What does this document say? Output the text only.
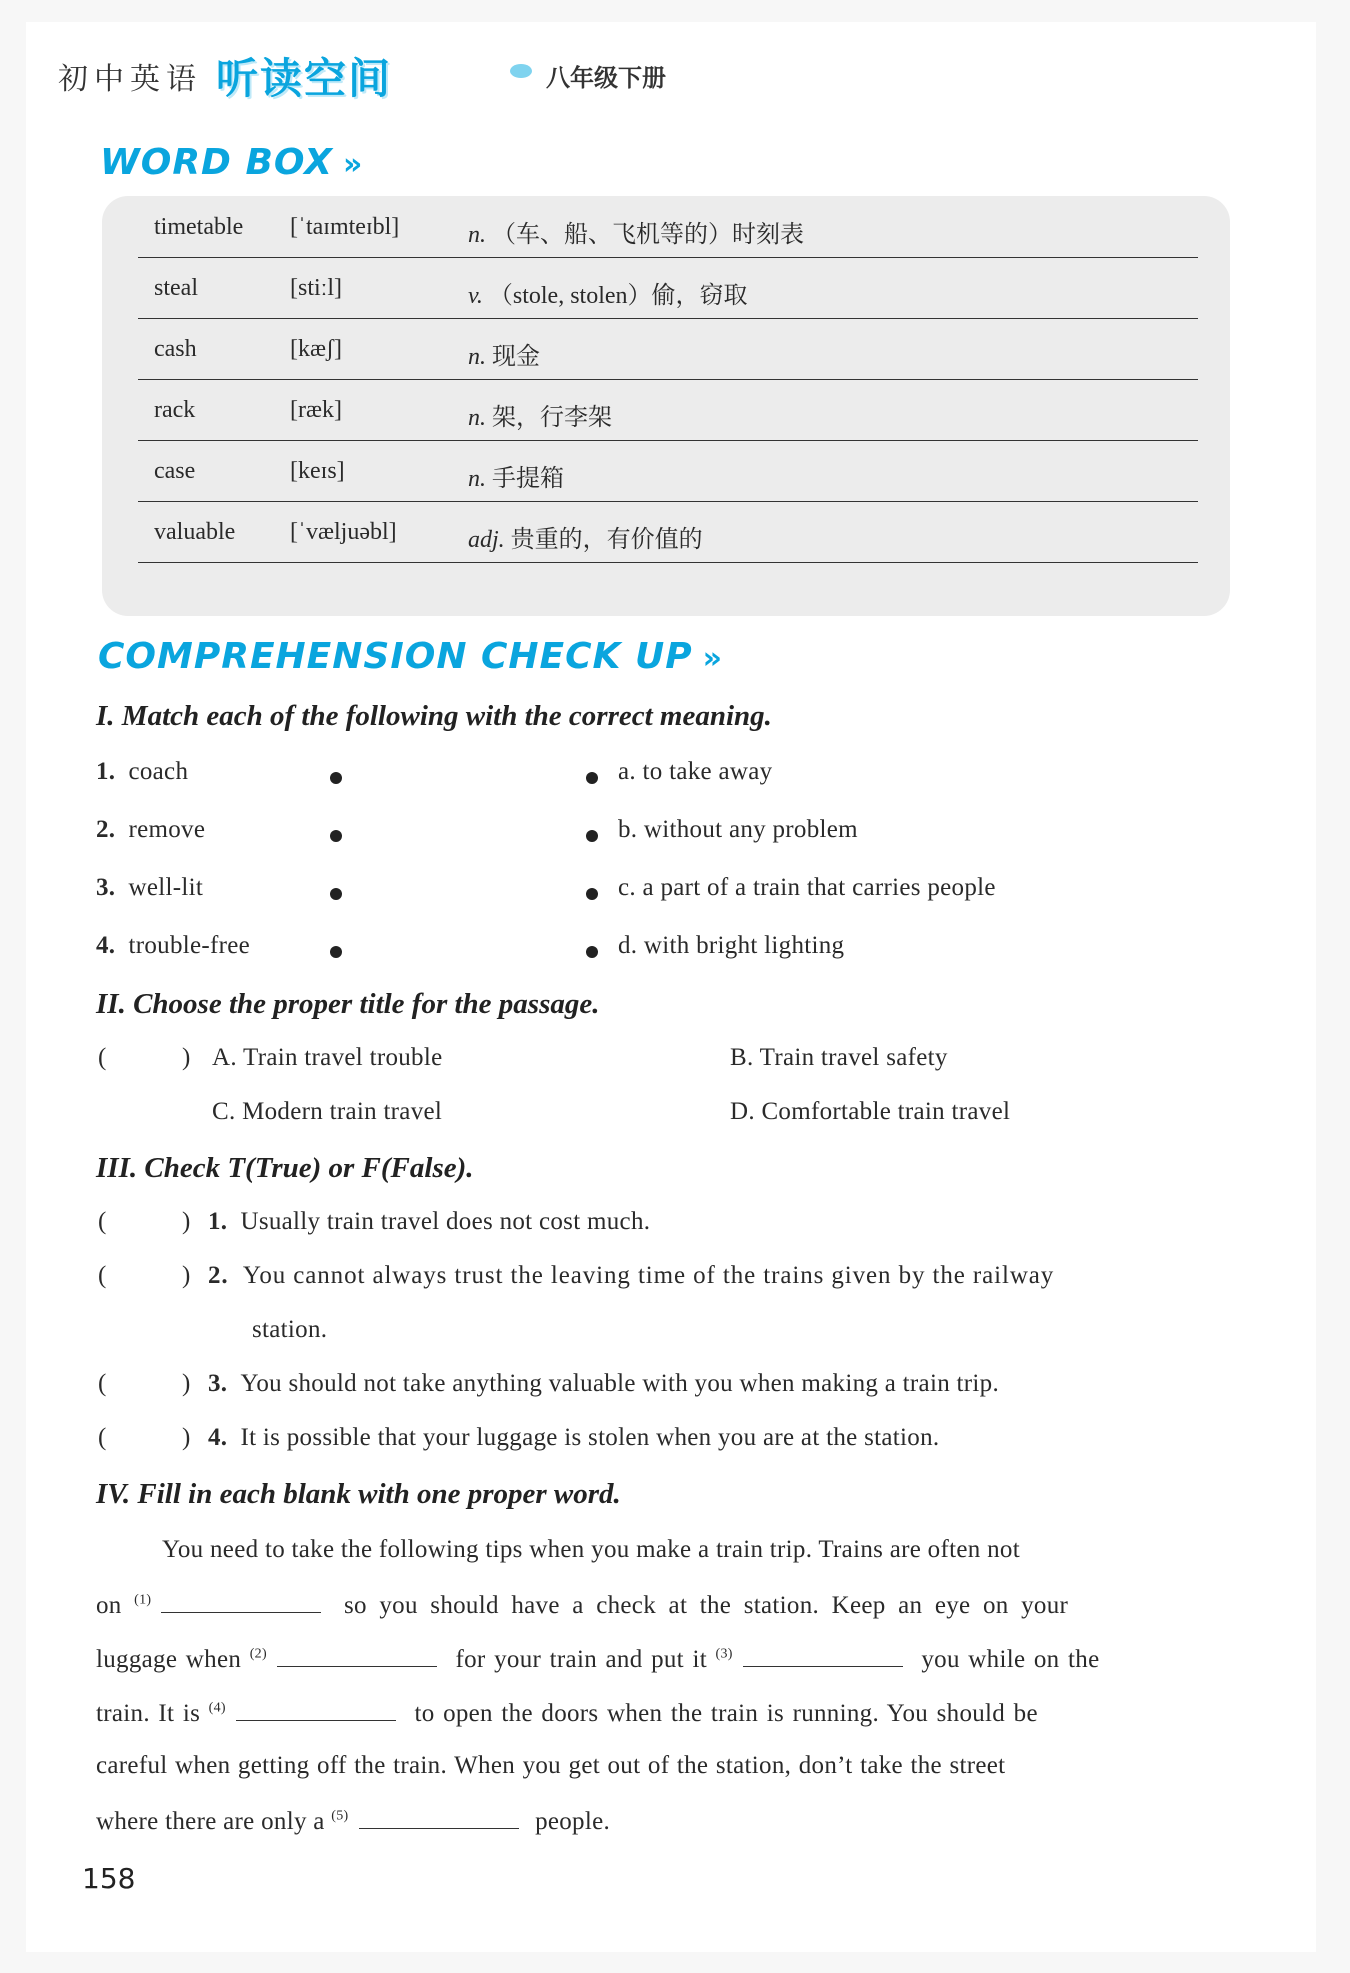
初中英语 听读空间	八年级下册
WORD BOX »
timetable [ˈtaɪmteɪbl]	n. （车、船、飞机等的）时刻表
steal	[stiːl]	v. （stole, stolen）偷，窃取
cash	[kæʃ]	n. 现金
rack	[ræk]	n. 架，行李架
case	[keɪs]	n. 手提箱
valuable [ˈvæljuəbl]	adj. 贵重的，有价值的
COMPREHENSION CHECK UP »
I. Match each of the following with the correct meaning.
1. coach
2. remove
3. well-lit
4. trouble-free
a. to take away
b. without any problem
c. a part of a train that carries people
d. with bright lighting
II. Choose the proper title for the passage.
(	) A. Train travel trouble	B. Train travel safety
C. Modern train travel	D. Comfortable train travel
III. Check T(True) or F(False).
(	) 1. Usually train travel does not cost much.
(	) 2. You cannot always trust the leaving time of the trains given by the railway
station.
(	) 3. You should not take anything valuable with you when making a train trip.
(	) 4. It is possible that your luggage is stolen when you are at the station.
IV. Fill in each blank with one proper word.
You need to take the following tips when you make a train trip. Trains are often not
on $^{(1)}$	so you should have a check at the station. Keep an eye on your
luggage when $^{(2)}$	for your train and put it $^{(3)}$	you while on the
train. It is $^{(4)}$	to open the doors when the train is running. You should be
careful when getting off the train. When you get out of the station, don’t take the street
where there are only a $^{(5)}$	people.
158
